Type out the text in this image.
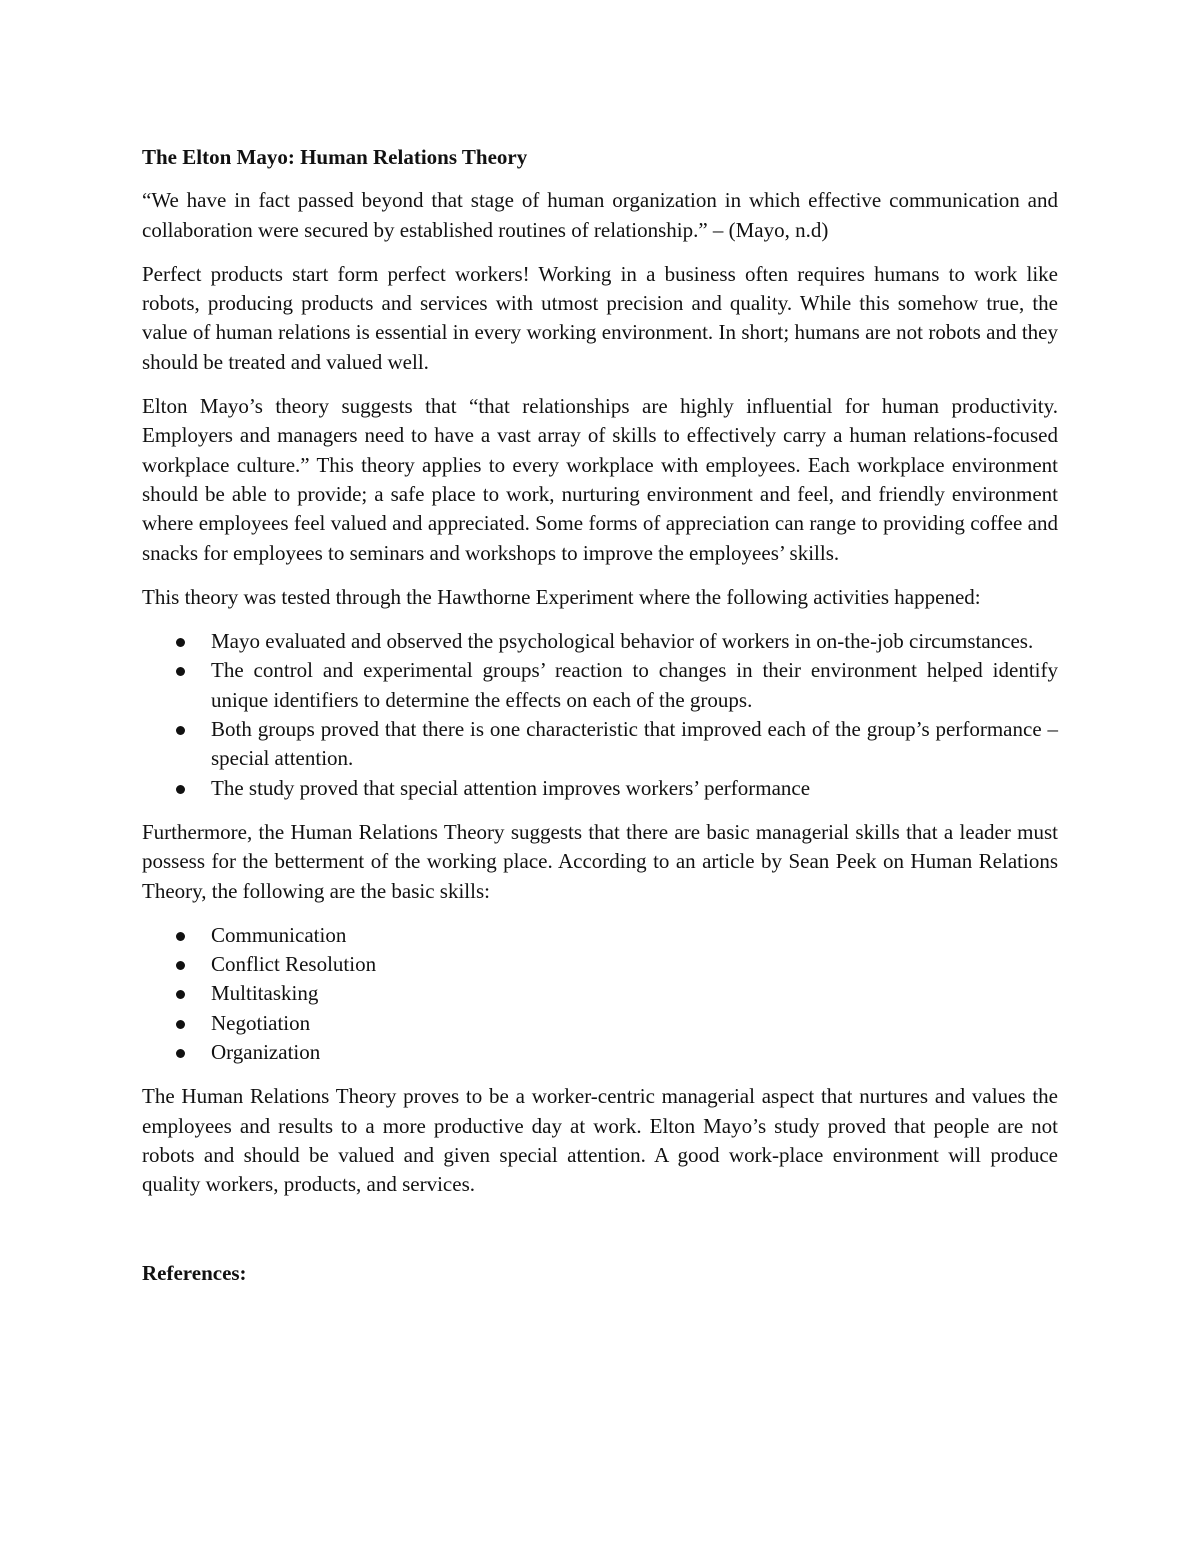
The Elton Mayo: Human Relations Theory

“We have in fact passed beyond that stage of human organization in which effective communication and collaboration were secured by established routines of relationship.” – (Mayo, n.d)

Perfect products start form perfect workers! Working in a business often requires humans to work like robots, producing products and services with utmost precision and quality. While this somehow true, the value of human relations is essential in every working environment. In short; humans are not robots and they should be treated and valued well.

Elton Mayo’s theory suggests that “that relationships are highly influential for human productivity. Employers and managers need to have a vast array of skills to effectively carry a human relations-focused workplace culture.” This theory applies to every workplace with employees. Each workplace environment should be able to provide; a safe place to work, nurturing environment and feel, and friendly environment where employees feel valued and appreciated. Some forms of appreciation can range to providing coffee and snacks for employees to seminars and workshops to improve the employees’ skills.

This theory was tested through the Hawthorne Experiment where the following activities happened:

Mayo evaluated and observed the psychological behavior of workers in on-the-job circumstances.
The control and experimental groups’ reaction to changes in their environment helped identify unique identifiers to determine the effects on each of the groups.
Both groups proved that there is one characteristic that improved each of the group’s performance – special attention.
The study proved that special attention improves workers’ performance

Furthermore, the Human Relations Theory suggests that there are basic managerial skills that a leader must possess for the betterment of the working place. According to an article by Sean Peek on Human Relations Theory, the following are the basic skills:

Communication
Conflict Resolution
Multitasking
Negotiation
Organization

The Human Relations Theory proves to be a worker-centric managerial aspect that nurtures and values the employees and results to a more productive day at work. Elton Mayo’s study proved that people are not robots and should be valued and given special attention. A good work-place environment will produce quality workers, products, and services.

References:
